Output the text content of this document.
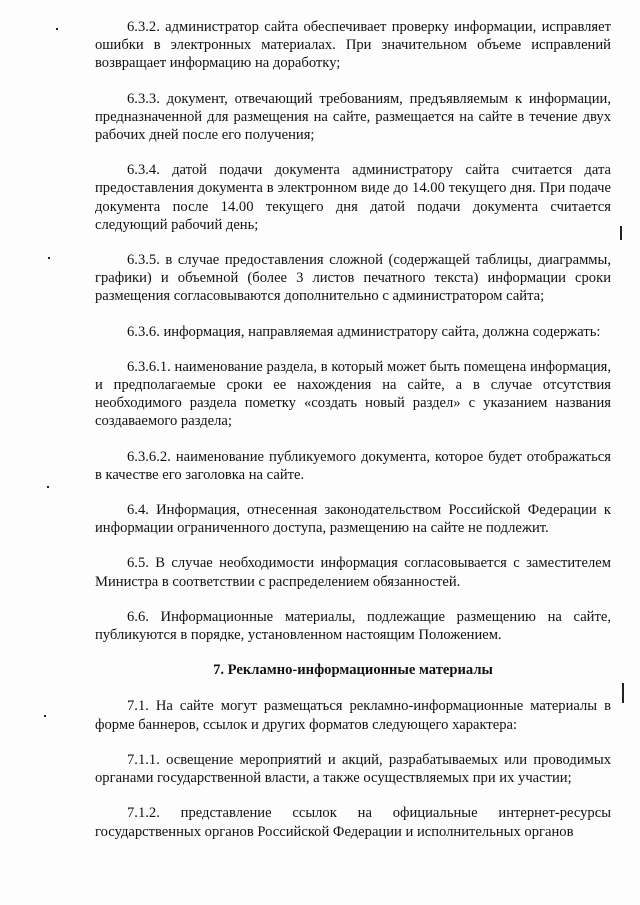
6.3.2. администратор сайта обеспечивает проверку информации, исправляет ошибки в электронных материалах. При значительном объеме исправлений возвращает информацию на доработку;

6.3.3. документ, отвечающий требованиям, предъявляемым к информации, предназначенной для размещения на сайте, размещается на сайте в течение двух рабочих дней после его получения;

6.3.4. датой подачи документа администратору сайта считается дата предоставления документа в электронном виде до 14.00 текущего дня. При подаче документа после 14.00 текущего дня датой подачи документа считается следующий рабочий день;

6.3.5. в случае предоставления сложной (содержащей таблицы, диаграммы, графики) и объемной (более 3 листов печатного текста) информации сроки размещения согласовываются дополнительно с администратором сайта;

6.3.6. информация, направляемая администратору сайта, должна содержать:

6.3.6.1. наименование раздела, в который может быть помещена информация, и предполагаемые сроки ее нахождения на сайте, а в случае отсутствия необходимого раздела пометку «создать новый раздел» с указанием названия создаваемого раздела;

6.3.6.2. наименование публикуемого документа, которое будет отображаться в качестве его заголовка на сайте.

6.4. Информация, отнесенная законодательством Российской Федерации к информации ограниченного доступа, размещению на сайте не подлежит.

6.5. В случае необходимости информация согласовывается с заместителем Министра в соответствии с распределением обязанностей.

6.6. Информационные материалы, подлежащие размещению на сайте, публикуются в порядке, установленном настоящим Положением.

7. Рекламно-информационные материалы

7.1. На сайте могут размещаться рекламно-информационные материалы в форме баннеров, ссылок и других форматов следующего характера:

7.1.1. освещение мероприятий и акций, разрабатываемых или проводимых органами государственной власти, а также осуществляемых при их участии;

7.1.2. представление ссылок на официальные интернет-ресурсы государственных органов Российской Федерации и исполнительных органов
